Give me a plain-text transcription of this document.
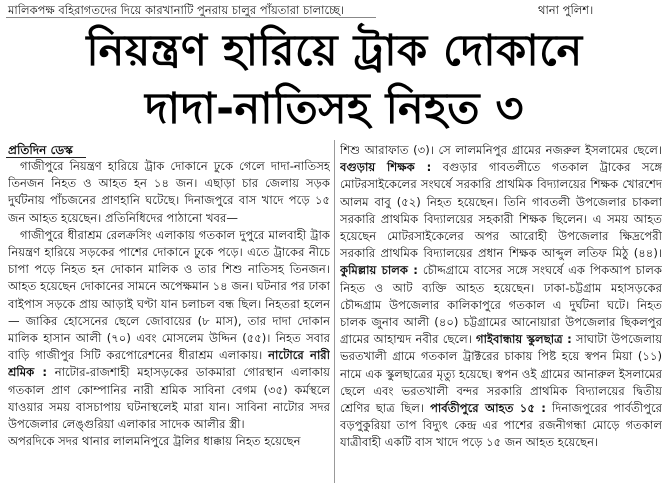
মালিকপক্ষ বহিরাগতদের দিয়ে কারখানাটি পুনরায় চালুর পাঁয়তারা চালাচ্ছে।	থানা পুলিশ।
নিয়ন্ত্রণ হারিয়ে ট্রাক দোকানে
দাদা-নাতিসহ নিহত ৩
প্রতিদিন ডেস্ক

গাজীপুরে নিয়ন্ত্রণ হারিয়ে ট্রাক দোকানে ঢুকে গেলে দাদা-নাতিসহ তিনজন নিহত ও আহত হন ১৪ জন। এছাড়া চার জেলায় সড়ক দুর্ঘটনায় পাঁচজনের প্রাণহানি ঘটেছে। দিনাজপুরে বাস খাদে পড়ে ১৫ জন আহত হয়েছেন। প্রতিনিধিদের পাঠানো খবর—

গাজীপুরে ধীরাশ্রম রেলক্রসিং এলাকায় গতকাল দুপুরে মালবাহী ট্রাক নিয়ন্ত্রণ হারিয়ে সড়কের পাশের দোকানে ঢুকে পড়ে। এতে ট্রাকের নীচে চাপা পড়ে নিহত হন দোকান মালিক ও তার শিশু নাতিসহ তিনজন। আহত হয়েছেন দোকানের সামনে অপেক্ষমান ১৪ জন। ঘটনার পর ঢাকা বাইপাস সড়কে প্রায় আড়াই ঘণ্টা যান চলাচল বন্ধ ছিল। নিহতরা হলেন— জাকির হোসেনের ছেলে জোবায়ের (৮ মাস), তার দাদা দোকান মালিক হাসান আলী (৭০) এবং মোসলেম উদ্দিন (৫৫)। নিহত সবার বাড়ি গাজীপুর সিটি করপোরেশনের ধীরাশ্রম এলাকায়। নাটোরে নারী শ্রমিক : নাটোর-রাজশাহী মহাসড়কের ডাকমারা গোরস্থান এলাকায় গতকাল প্রাণ কোম্পানির নারী শ্রমিক সাবিনা বেগম (৩৫) কর্মস্থলে যাওয়ার সময় বাসচাপায় ঘটনাস্থলেই মারা যান। সাবিনা নাটোর সদর উপজেলার লেঙ্গুরিয়া এলাকার সাদেক আলীর স্ত্রী।

অপরদিকে সদর থানার লালমনিপুরে ট্রলির ধাক্কায় নিহত হয়েছেন

শিশু আরাফাত (৩)। সে লালমনিপুর গ্রামের নজরুল ইসলামের ছেলে। বগুড়ায় শিক্ষক : বগুড়ার গাবতলীতে গতকাল ট্রাকের সঙ্গে মোটরসাইকেলের সংঘর্ষে সরকারি প্রাথমিক বিদ্যালয়ের শিক্ষক খোরশেদ আলম বাবু (৫২) নিহত হয়েছেন। তিনি গাবতলী উপজেলার চাকলা সরকারি প্রাথমিক বিদ্যালয়ের সহকারী শিক্ষক ছিলেন। এ সময় আহত হয়েছেন মোটরসাইকেলের অপর আরোহী উপজেলার ক্ষিদ্রপেরী সরকারি প্রাথমিক বিদ্যালয়ের প্রধান শিক্ষক আব্দুল লতিফ মিঠু (৪৪)। কুমিল্লায় চালক : চৌদ্দগ্রামে বাসের সঙ্গে সংঘর্ষে এক পিকআপ চালক নিহত ও আট ব্যক্তি আহত হয়েছেন। ঢাকা-চট্টগ্রাম মহাসড়কের চৌদ্দগ্রাম উপজেলার কালিকাপুরে গতকাল এ দুর্ঘটনা ঘটে। নিহত চালক জুনাব আলী (৪০) চট্টগ্রামের আনোয়ারা উপজেলার ছিকলপুর গ্রামের আহাম্মদ নবীর ছেলে। গাইবান্ধায় স্কুলছাত্র : সাঘাটা উপজেলায় ভরতখালী গ্রামে গতকাল ট্রাক্টরের চাকায় পিষ্ট হয়ে স্বপন মিয়া (১১) নামে এক স্কুলছাত্রের মৃত্যু হয়েছে। স্বপন ওই গ্রামের আনারুল ইসলামের ছেলে এবং ভরতখালী বন্দর সরকারি প্রাথমিক বিদ্যালয়ের দ্বিতীয় শ্রেণির ছাত্র ছিল। পার্বতীপুরে আহত ১৫ : দিনাজপুরের পার্বতীপুরে বড়পুকুরিয়া তাপ বিদ্যুৎ কেন্দ্র এর পাশের রজনীগন্ধা মোড়ে গতকাল যাত্রীবাহী একটি বাস খাদে পড়ে ১৫ জন আহত হয়েছেন।
